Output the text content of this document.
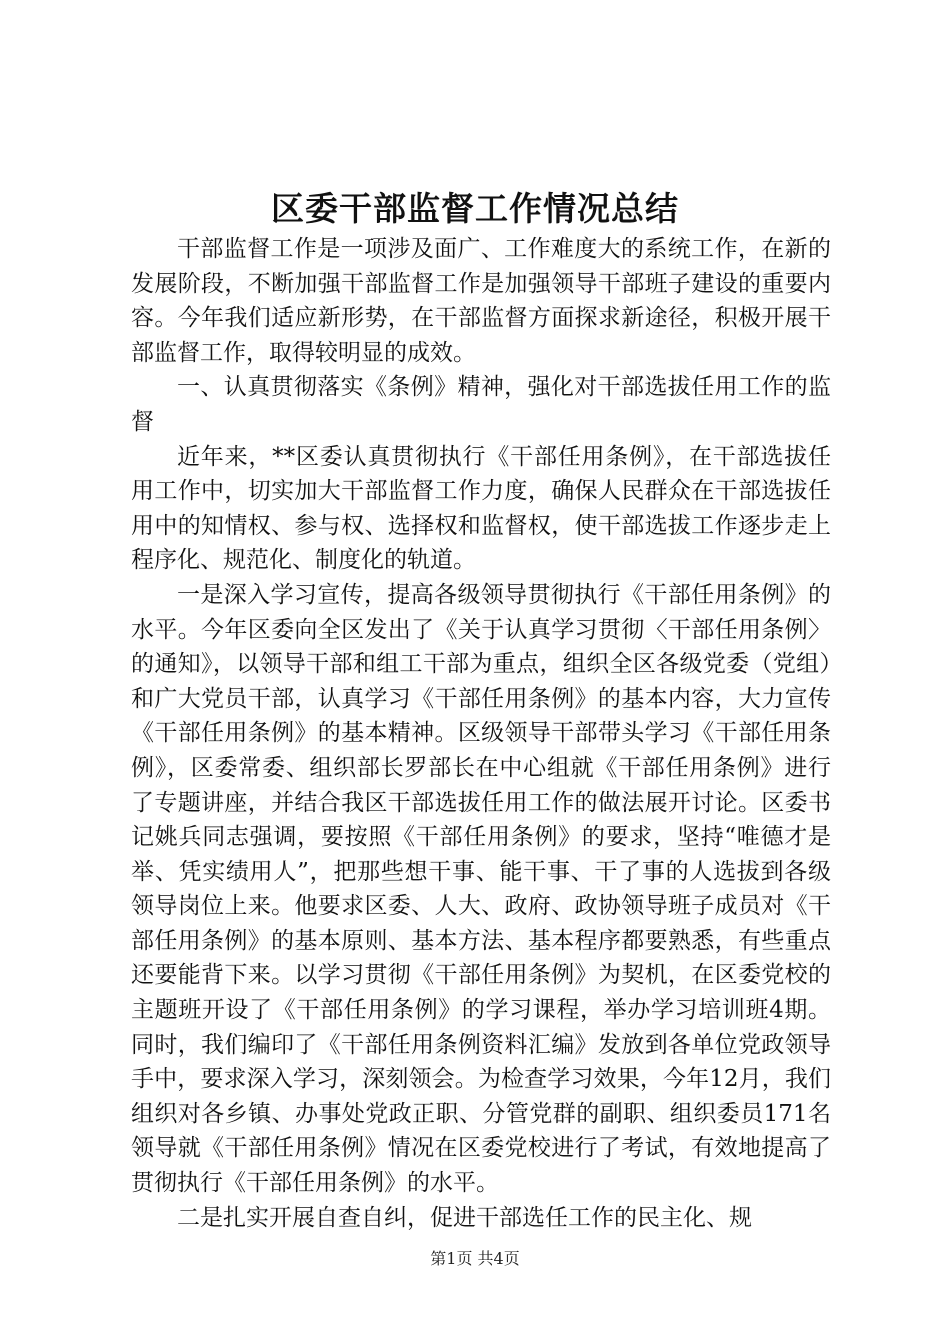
区委干部监督工作情况总结

干部监督工作是一项涉及面广、工作难度大的系统工作，在新的发展阶段，不断加强干部监督工作是加强领导干部班子建设的重要内容。今年我们适应新形势，在干部监督方面探求新途径，积极开展干部监督工作，取得较明显的成效。

一、认真贯彻落实《条例》精神，强化对干部选拔任用工作的监督

近年来，**区委认真贯彻执行《干部任用条例》，在干部选拔任用工作中，切实加大干部监督工作力度，确保人民群众在干部选拔任用中的知情权、参与权、选择权和监督权，使干部选拔工作逐步走上程序化、规范化、制度化的轨道。

一是深入学习宣传，提高各级领导贯彻执行《干部任用条例》的水平。今年区委向全区发出了《关于认真学习贯彻〈干部任用条例〉的通知》，以领导干部和组工干部为重点，组织全区各级党委（党组）和广大党员干部，认真学习《干部任用条例》的基本内容，大力宣传《干部任用条例》的基本精神。区级领导干部带头学习《干部任用条例》，区委常委、组织部长罗部长在中心组就《干部任用条例》进行了专题讲座，并结合我区干部选拔任用工作的做法展开讨论。区委书记姚兵同志强调，要按照《干部任用条例》的要求，坚持“唯德才是举、凭实绩用人”，把那些想干事、能干事、干了事的人选拔到各级领导岗位上来。他要求区委、人大、政府、政协领导班子成员对《干部任用条例》的基本原则、基本方法、基本程序都要熟悉，有些重点还要能背下来。以学习贯彻《干部任用条例》为契机，在区委党校的主题班开设了《干部任用条例》的学习课程，举办学习培训班4期。同时，我们编印了《干部任用条例资料汇编》发放到各单位党政领导手中，要求深入学习，深刻领会。为检查学习效果，今年12月，我们组织对各乡镇、办事处党政正职、分管党群的副职、组织委员171名领导就《干部任用条例》情况在区委党校进行了考试，有效地提高了贯彻执行《干部任用条例》的水平。

二是扎实开展自查自纠，促进干部选任工作的民主化、规

第1页 共4页
